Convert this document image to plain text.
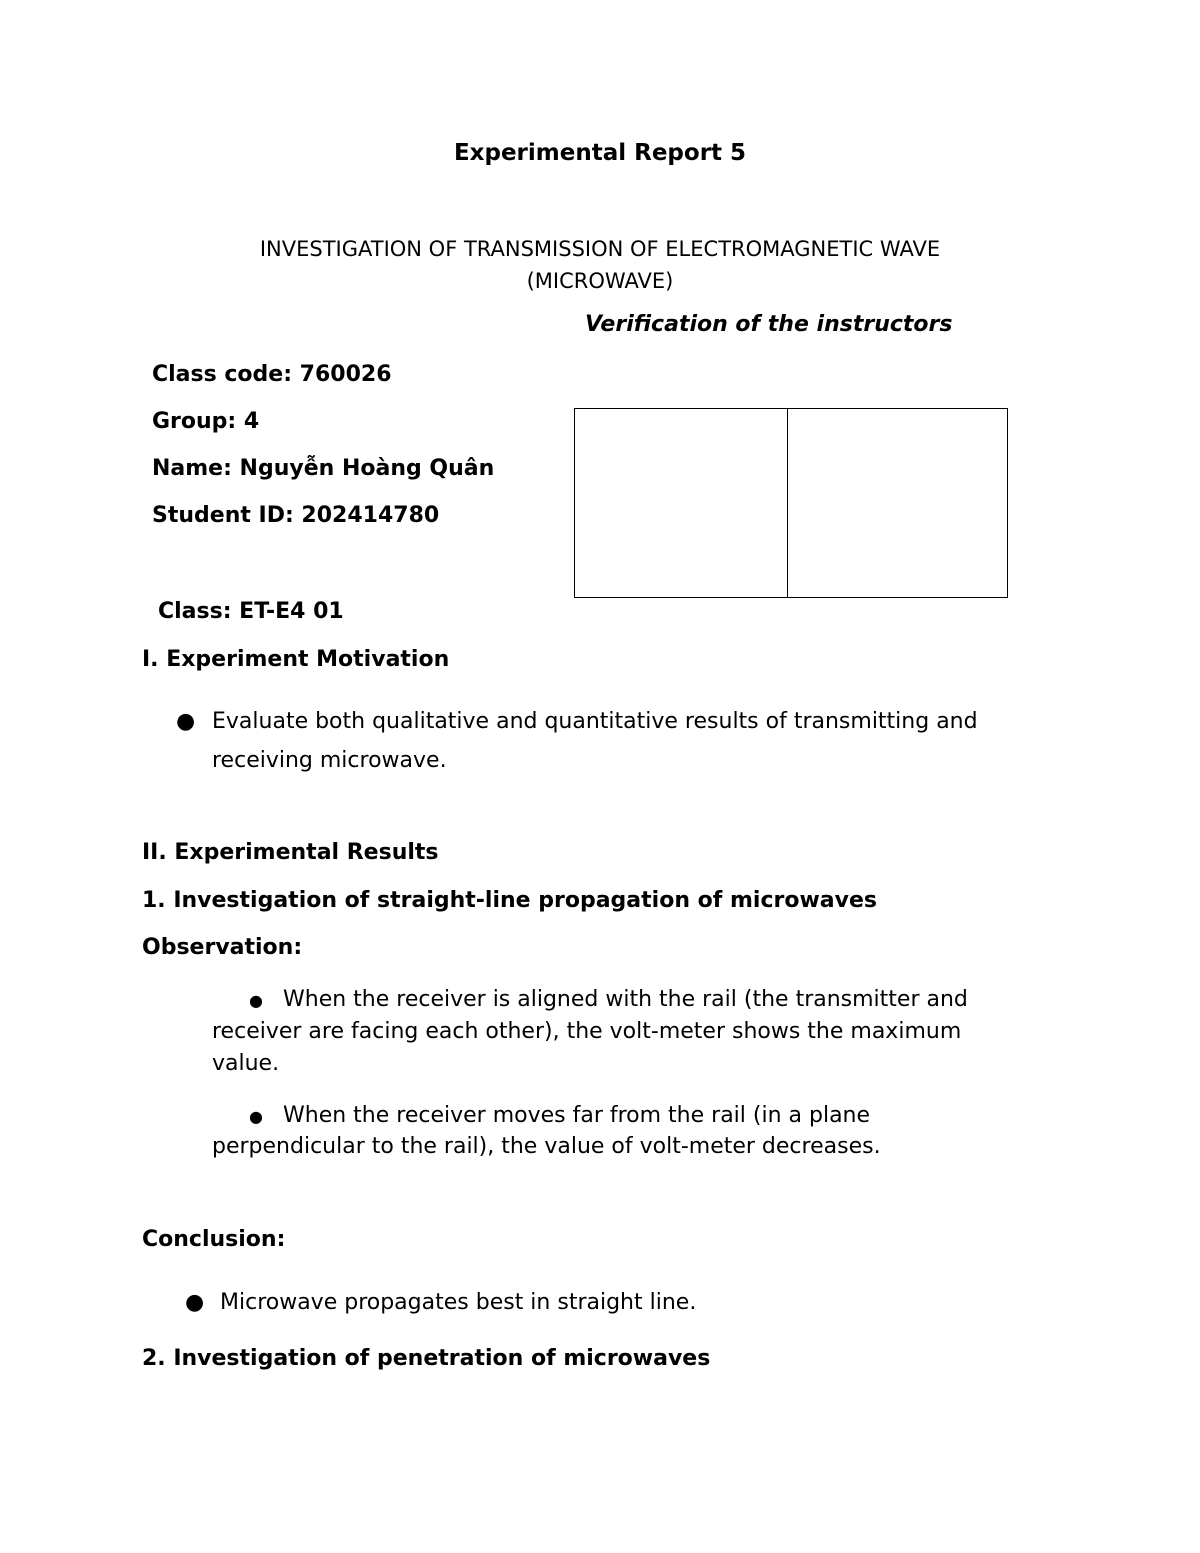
Experimental Report 5
INVESTIGATION OF TRANSMISSION OF ELECTROMAGNETIC WAVE
(MICROWAVE)
Verification of the instructors
Class code: 760026
Group: 4
Name: Nguyễn Hoàng Quân
Student ID: 202414780
Class: ET-E4 01
I. Experiment Motivation
● Evaluate both qualitative and quantitative results of transmitting and
receiving microwave.
II. Experimental Results
1. Investigation of straight-line propagation of microwaves
Observation:
● When the receiver is aligned with the rail (the transmitter and
receiver are facing each other), the volt-meter shows the maximum
value.
● When the receiver moves far from the rail (in a plane
perpendicular to the rail), the value of volt-meter decreases.
Conclusion:
● Microwave propagates best in straight line.
2. Investigation of penetration of microwaves
